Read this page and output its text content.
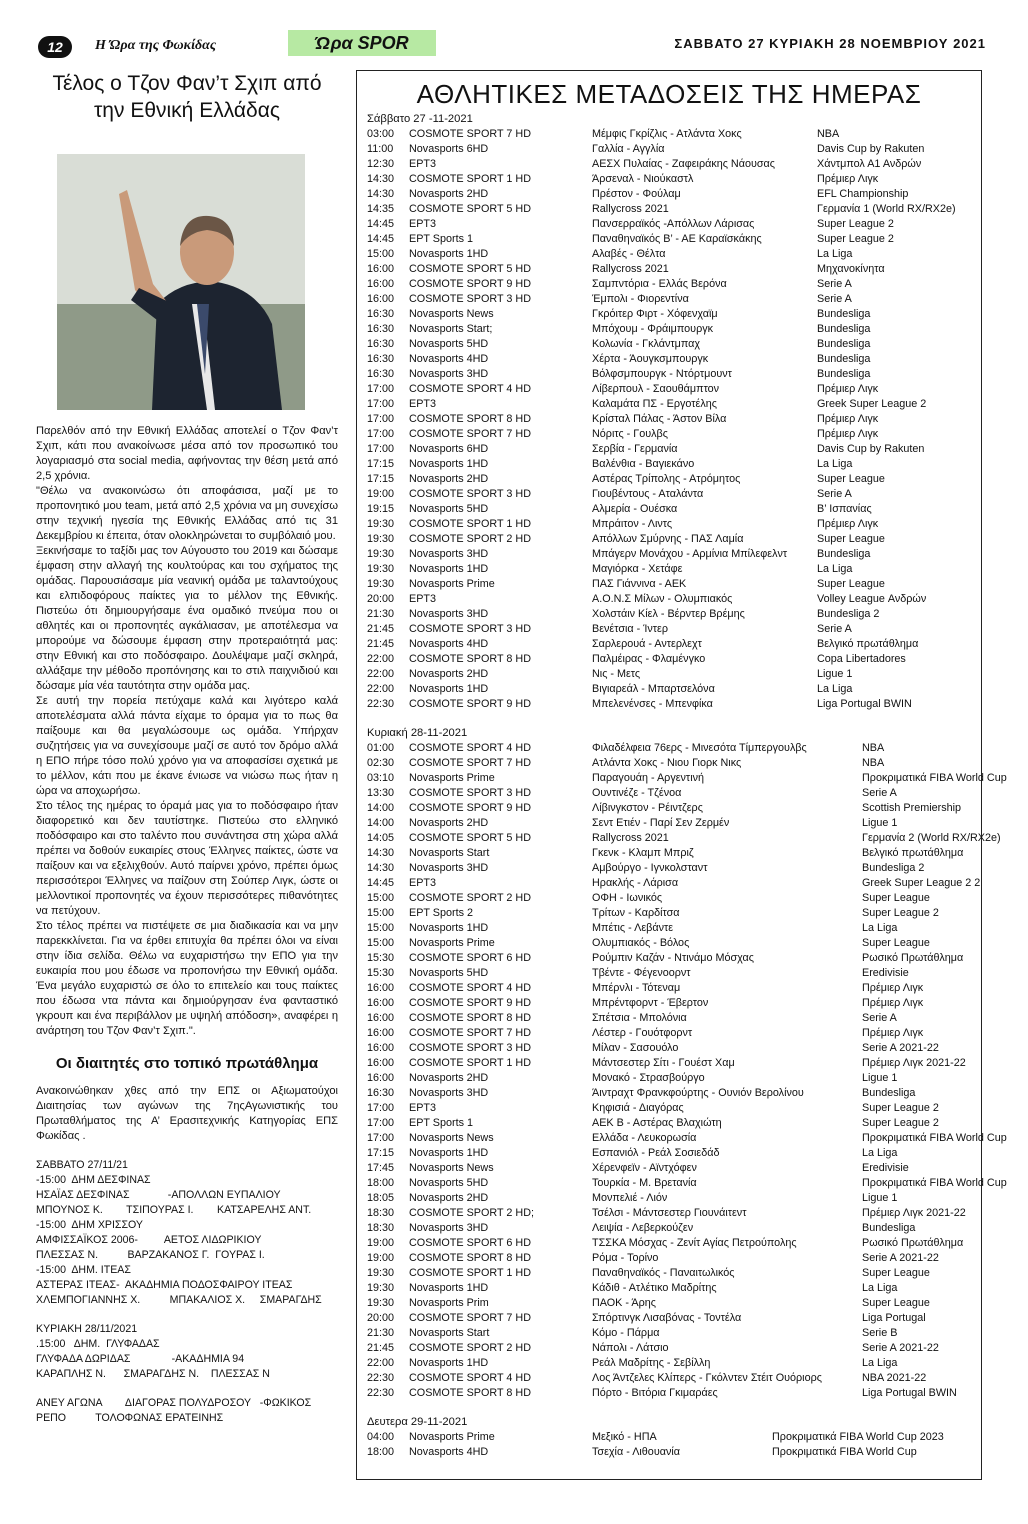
12	Η Ώρα της Φωκίδας	Ώρα SPOR	ΣΑΒΒΑΤΟ 27 ΚΥΡΙΑΚΗ 28 ΝΟΕΜΒΡΙΟΥ 2021
Τέλος ο Τζον Φαν’τ Σχιπ από την Εθνική Ελλάδας

Παρελθόν από την Εθνική Ελλάδας αποτελεί ο Τζον Φαν’τ Σχιπ, κάτι που ανακοίνωσε μέσα από τον προσωπικό του λογαριασμό στα social media, αφήνοντας την θέση μετά από 2,5 χρόνια.

"Θέλω να ανακοινώσω ότι αποφάσισα, μαζί με το προπονητικό μου team, μετά από 2,5 χρόνια να μη συνεχίσω στην τεχνική ηγεσία της Εθνικής Ελλάδας από τις 31 Δεκεμβρίου κι έπειτα, όταν ολοκληρώνεται το συμβόλαιό μου.

Ξεκινήσαμε το ταξίδι μας τον Αύγουστο του 2019 και δώσαμε έμφαση στην αλλαγή της κουλτούρας και του σχήματος της ομάδας. Παρουσιάσαμε μία νεανική ομάδα με ταλαντούχους και ελπιδοφόρους παίκτες για το μέλλον της Εθνικής. Πιστεύω ότι δημιουργήσαμε ένα ομαδικό πνεύμα που οι αθλητές και οι προπονητές αγκάλιασαν, με αποτέλεσμα να μπορούμε να δώσουμε έμφαση στην προτεραιότητά μας: στην Εθνική και στο ποδόσφαιρο. Δουλέψαμε μαζί σκληρά, αλλάξαμε την μέθοδο προπόνησης και το στιλ παιχνιδιού και δώσαμε μία νέα ταυτότητα στην ομάδα μας.

Σε αυτή την πορεία πετύχαμε καλά και λιγότερο καλά αποτελέσματα αλλά πάντα είχαμε το όραμα για το πως θα παίξουμε και θα μεγαλώσουμε ως ομάδα. Υπήρχαν συζητήσεις για να συνεχίσουμε μαζί σε αυτό τον δρόμο αλλά η ΕΠΟ πήρε τόσο πολύ χρόνο για να αποφασίσει σχετικά με το μέλλον, κάτι που με έκανε ένιωσε να νιώσω πως ήταν η ώρα να αποχωρήσω.

Στο τέλος της ημέρας το όραμά μας για το ποδόσφαιρο ήταν διαφορετικό και δεν ταυτίστηκε. Πιστεύω στο ελληνικό ποδόσφαιρο και στο ταλέντο που συνάντησα στη χώρα αλλά πρέπει να δοθούν ευκαιρίες στους Έλληνες παίκτες, ώστε να παίξουν και να εξελιχθούν. Αυτό παίρνει χρόνο, πρέπει όμως περισσότεροι Έλληνες να παίζουν στη Σούπερ Λιγκ, ώστε οι μελλοντικοί προπονητές να έχουν περισσότερες πιθανότητες να πετύχουν.

Στο τέλος πρέπει να πιστέψετε σε μια διαδικασία και να μην παρεκκλίνεται. Για να έρθει επιτυχία θα πρέπει όλοι να είναι στην ίδια σελίδα. Θέλω να ευχαριστήσω την ΕΠΟ για την ευκαιρία που μου έδωσε να προπονήσω την Εθνική ομάδα. Ένα μεγάλο ευχαριστώ σε όλο το επιτελείο και τους παίκτες που έδωσα ντα πάντα και δημιούργησαν ένα φανταστικό γκρουπ και ένα περιβάλλον με υψηλή απόδοση», αναφέρει η ανάρτηση του Τζον Φαν’τ Σχιπ.".

Οι διαιτητές στο τοπικό πρωτάθλημα
Ανακοινώθηκαν χθες από την ΕΠΣ οι Αξιωματούχοι Διαιτησίας των αγώνων της 7ηςΑγωνιστικής του Πρωταθλήματος της Α’ Ερασιτεχνικής Κατηγορίας ΕΠΣ Φωκίδας .
ΣΑΒΒΑΤΟ 27/11/21
-15:00  ΔΗΜ ΔΕΣΦΙΝΑΣ
ΗΣΑΪΑΣ ΔΕΣΦΙΝΑΣ             -ΑΠΟΛΛΩΝ ΕΥΠΑΛΙΟΥ
ΜΠΟΥΝΟΣ Κ.        ΤΣΙΠΟΥΡΑΣ Ι.        ΚΑΤΣΑΡΕΛΗΣ ΑΝΤ.
-15:00  ΔΗΜ ΧΡΙΣΣΟΥ
ΑΜΦΙΣΣΑΪΚΟΣ 2006-         ΑΕΤΟΣ ΛΙΔΩΡΙΚΙΟΥ
ΠΛΕΣΣΑΣ Ν.          ΒΑΡΖΑΚΑΝΟΣ Γ.  ΓΟΥΡΑΣ Ι.
-15:00  ΔΗΜ. ΙΤΕΑΣ
ΑΣΤΕΡΑΣ ΙΤΕΑΣ-  ΑΚΑΔΗΜΙΑ ΠΟΔΟΣΦΑΙΡΟΥ ΙΤΕΑΣ
ΧΛΕΜΠΟΓΙΑΝΝΗΣ Χ.          ΜΠΑΚΑΛΙΟΣ Χ.     ΣΜΑΡΑΓΔΗΣ
ΚΥΡΙΑΚΗ 28/11/2021
.15:00   ΔΗΜ.  ΓΛΥΦΑΔΑΣ
ΓΛΥΦΑΔΑ ΔΩΡΙΔΑΣ              -ΑΚΑΔΗΜΙΑ 94
ΚΑΡΑΠΛΗΣ Ν.      ΣΜΑΡΑΓΔΗΣ Ν.    ΠΛΕΣΣΑΣ Ν
ΑΝΕΥ ΑΓΩΝΑ        ΔΙΑΓΟΡΑΣ ΠΟΛΥΔΡΟΣΟΥ   -ΦΩΚΙΚΟΣ
ΡΕΠΟ          ΤΟΛΟΦΩΝΑΣ ΕΡΑΤΕΙΝΗΣ
ΑΘΛΗΤΙΚΕΣ ΜΕΤΑΔΟΣΕΙΣ ΤΗΣ ΗΜΕΡΑΣ
Σάββατο 27 -11-2021
03:00 COSMOTE SPORT 7 HD	Μέμφις Γκρίζλις - Ατλάντα Χοκς	NBA
11:00 Novasports 6HD	Γαλλία - Αγγλία	Davis Cup by Rakuten
12:30 ΕΡΤ3	ΑΕΣΧ Πυλαίας - Ζαφειράκης Νάουσας	Χάντμπολ Α1 Ανδρών
14:30 COSMOTE SPORT 1 HD	Άρσεναλ - Νιούκαστλ	Πρέμιερ Λιγκ
14:30 Novasports 2HD	Πρέστον - Φούλαμ	EFL Championship
14:35 COSMOTE SPORT 5 HD	Rallycross 2021	Γερμανία 1 (World RX/RX2e)
14:45 ΕΡΤ3	Πανσερραϊκός -Απόλλων Λάρισας	Super League 2
14:45 ΕΡΤ Sports 1	Παναθηναϊκός Β’ - ΑΕ Καραϊσκάκης	Super League 2
15:00 Novasports 1HD	Αλαβές - Θέλτα	La Liga
16:00 COSMOTE SPORT 5 HD	Rallycross 2021	Μηχανοκίνητα
16:00 COSMOTE SPORT 9 HD	Σαμπντόρια - Ελλάς Βερόνα	Serie A
16:00 COSMOTE SPORT 3 HD	Έμπολι - Φιορεντίνα	Serie A
16:30 Novasports News	Γκρόιτερ Φιρτ - Χόφενχαϊμ	Bundesliga
16:30 Novasports Start;	Μπόχουμ - Φράιμπουργκ	Bundesliga
16:30 Novasports 5HD	Κολωνία - Γκλάντμπαχ	Bundesliga
16:30 Novasports 4HD	Χέρτα - Άουγκσμπουργκ	Bundesliga
16:30 Novasports 3HD	Βόλφσμπουργκ - Ντόρτμουντ	Bundesliga
17:00 COSMOTE SPORT 4 HD	Λίβερπουλ - Σαουθάμπτον	Πρέμιερ Λιγκ
17:00 ΕΡΤ3	Καλαμάτα ΠΣ - Εργοτέλης	Greek Super League 2
17:00 COSMOTE SPORT 8 HD	Κρίσταλ Πάλας - Άστον Βίλα	Πρέμιερ Λιγκ
17:00 COSMOTE SPORT 7 HD	Νόριτς - Γουλβς	Πρέμιερ Λιγκ
17:00 Novasports 6HD	Σερβία - Γερμανία	Davis Cup by Rakuten
17:15 Novasports 1HD	Βαλένθια - Βαγιεκάνο	La Liga
17:15 Novasports 2HD	Αστέρας Τρίπολης - Ατρόμητος	Super League
19:00 COSMOTE SPORT 3 HD	Γιουβέντους - Αταλάντα	Serie A
19:15 Novasports 5HD	Αλμερία - Ουέσκα	Β’ Ισπανίας
19:30 COSMOTE SPORT 1 HD	Μπράιτον - Λιντς	Πρέμιερ Λιγκ
19:30 COSMOTE SPORT 2 HD	Απόλλων Σμύρνης - ΠΑΣ Λαμία	Super League
19:30 Novasports 3HD	Μπάγερν Μονάχου - Αρμίνια Μπίλεφελντ	Bundesliga
19:30 Novasports 1HD	Μαγιόρκα - Χετάφε	La Liga
19:30 Novasports Prime	ΠΑΣ Γιάννινα - ΑΕΚ	Super League
20:00 ΕΡΤ3	Α.Ο.Ν.Σ Μίλων - Ολυμπιακός	Volley League Ανδρών
21:30 Novasports 3HD	Χολστάιν Κίελ - Βέρντερ Βρέμης	Bundesliga 2
21:45 COSMOTE SPORT 3 HD	Βενέτσια - Ίντερ	Serie A
21:45 Novasports 4HD	Σαρλερουά - Αντερλεχτ	Βελγικό πρωτάθλημα
22:00 COSMOTE SPORT 8 HD	Παλμέιρας - Φλαμένγκο	Copa Libertadores
22:00 Novasports 2HD	Νις - Μετς	Ligue 1
22:00 Novasports 1HD	Βιγιαρεάλ - Μπαρτσελόνα	La Liga
22:30 COSMOTE SPORT 9 HD	Μπελενένσες - Μπενφίκα	Liga Portugal BWIN
Κυριακή 28-11-2021
01:00 COSMOTE SPORT 4 HD	Φιλαδέλφεια 76ερς - Μινεσότα Τίμπεργουλβς	NBA
02:30 COSMOTE SPORT 7 HD	Ατλάντα Χοκς - Νιου Γιορκ Νικς	NBA
03:10 Novasports Prime	Παραγουάη - Αργεντινή	Προκριματικά FIBA World Cup
13:30 COSMOTE SPORT 3 HD	Ουντινέζε - Τζένοα	Serie A
14:00 COSMOTE SPORT 9 HD	Λίβινγκστον - Ρέιντζερς	Scottish Premiership
14:00 Novasports 2HD	Σεντ Ετιέν - Παρί Σεν Ζερμέν	Ligue 1
14:05 COSMOTE SPORT 5 HD	Rallycross 2021	Γερμανία 2 (World RX/RX2e)
14:30 Novasports Start	Γκενκ - Κλαμπ Μπριζ	Βελγικό πρωτάθλημα
14:30 Novasports 3HD	Αμβούργο - Ιγνκολσταντ	Bundesliga 2
14:45 ΕΡΤ3	Ηρακλής - Λάρισα	Greek Super League 2 2
15:00 COSMOTE SPORT 2 HD	ΟΦΗ - Ιωνικός	Super League
15:00 ΕΡΤ Sports 2	Τρίτων - Καρδίτσα	Super League 2
15:00 Novasports 1HD	Μπέτις - Λεβάντε	La Liga
15:00 Novasports Prime	Ολυμπιακός - Βόλος	Super League
15:30 COSMOTE SPORT 6 HD	Ρούμπιν Καζάν - Ντινάμο Μόσχας	Ρωσικό Πρωτάθλημα
15:30 Novasports 5HD	Τβέντε - Φέγενοορντ	Eredivisie
16:00 COSMOTE SPORT 4 HD	Μπέρνλι - Τότεναμ	Πρέμιερ Λιγκ
16:00 COSMOTE SPORT 9 HD	Μπρέντφορντ - Έβερτον	Πρέμιερ Λιγκ
16:00 COSMOTE SPORT 8 HD	Σπέτσια - Μπολόνια	Serie A
16:00 COSMOTE SPORT 7 HD	Λέστερ - Γουότφορντ	Πρέμιερ Λιγκ
16:00 COSMOTE SPORT 3 HD	Μίλαν - Σασουόλο	Serie A 2021-22
16:00 COSMOTE SPORT 1 HD	Μάντσεστερ Σίτι - Γουέστ Χαμ	Πρέμιερ Λιγκ 2021-22
16:00 Novasports 2HD	Μονακό - Στρασβούργο	Ligue 1
16:30 Novasports 3HD	Άιντραχτ Φρανκφούρτης - Ουνιόν Βερολίνου	Bundesliga
17:00 ΕΡΤ3	Κηφισιά - Διαγόρας	Super League 2
17:00 ΕΡΤ Sports 1	ΑΕΚ Β - Αστέρας Βλαχιώτη	Super League 2
17:00 Novasports News	Ελλάδα - Λευκορωσία	Προκριματικά FIBA World Cup
17:15 Novasports 1HD	Εσπανιόλ - Ρεάλ Σοσιεδάδ	La Liga
17:45 Novasports News	Χέρενφεϊν - Αϊντχόφεν	Eredivisie
18:00 Novasports 5HD	Τουρκία - Μ. Βρετανία	Προκριματικά FIBA World Cup
18:05 Novasports 2HD	Μονπελιέ - Λιόν	Ligue 1
18:30 COSMOTE SPORT 2 HD;	Τσέλσι - Μάντσεστερ Γιουνάιτεντ	Πρέμιερ Λιγκ 2021-22
18:30 Novasports 3HD	Λειψία - Λεβερκούζεν	Bundesliga
19:00 COSMOTE SPORT 6 HD	ΤΣΣΚΑ Μόσχας - Ζενίτ Αγίας Πετρούπολης	Ρωσικό Πρωτάθλημα
19:00 COSMOTE SPORT 8 HD	Ρόμα - Τορίνο	Serie A 2021-22
19:30 COSMOTE SPORT 1 HD	Παναθηναϊκός - Παναιτωλικός	Super League
19:30 Novasports 1HD	Κάδιθ - Ατλέτικο Μαδρίτης	La Liga
19:30 Novasports Prim	ΠΑΟΚ - Άρης	Super League
20:00 COSMOTE SPORT 7 HD	Σπόρτινγκ Λισαβόνας - Τοντέλα	Liga Portugal
21:30 Novasports Start	Κόμο - Πάρμα	Serie B
21:45 COSMOTE SPORT 2 HD	Νάπολι - Λάτσιο	Serie A 2021-22
22:00 Novasports 1HD	Ρεάλ Μαδρίτης - Σεβίλλη	La Liga
22:30 COSMOTE SPORT 4 HD	Λος Άντζελες Κλίπερς - Γκόλντεν Στέιτ Ουόριορς	NBA 2021-22
22:30 COSMOTE SPORT 8 HD	Πόρτο - Βιτόρια Γκιμαράες	Liga Portugal BWIN
Δευτερα 29-11-2021
04:00 Novasports Prime	Μεξικό - ΗΠΑ	Προκριματικά FIBA World Cup 2023
18:00 Novasports 4HD	Τσεχία - Λιθουανία	Προκριματικά FIBA World Cup
